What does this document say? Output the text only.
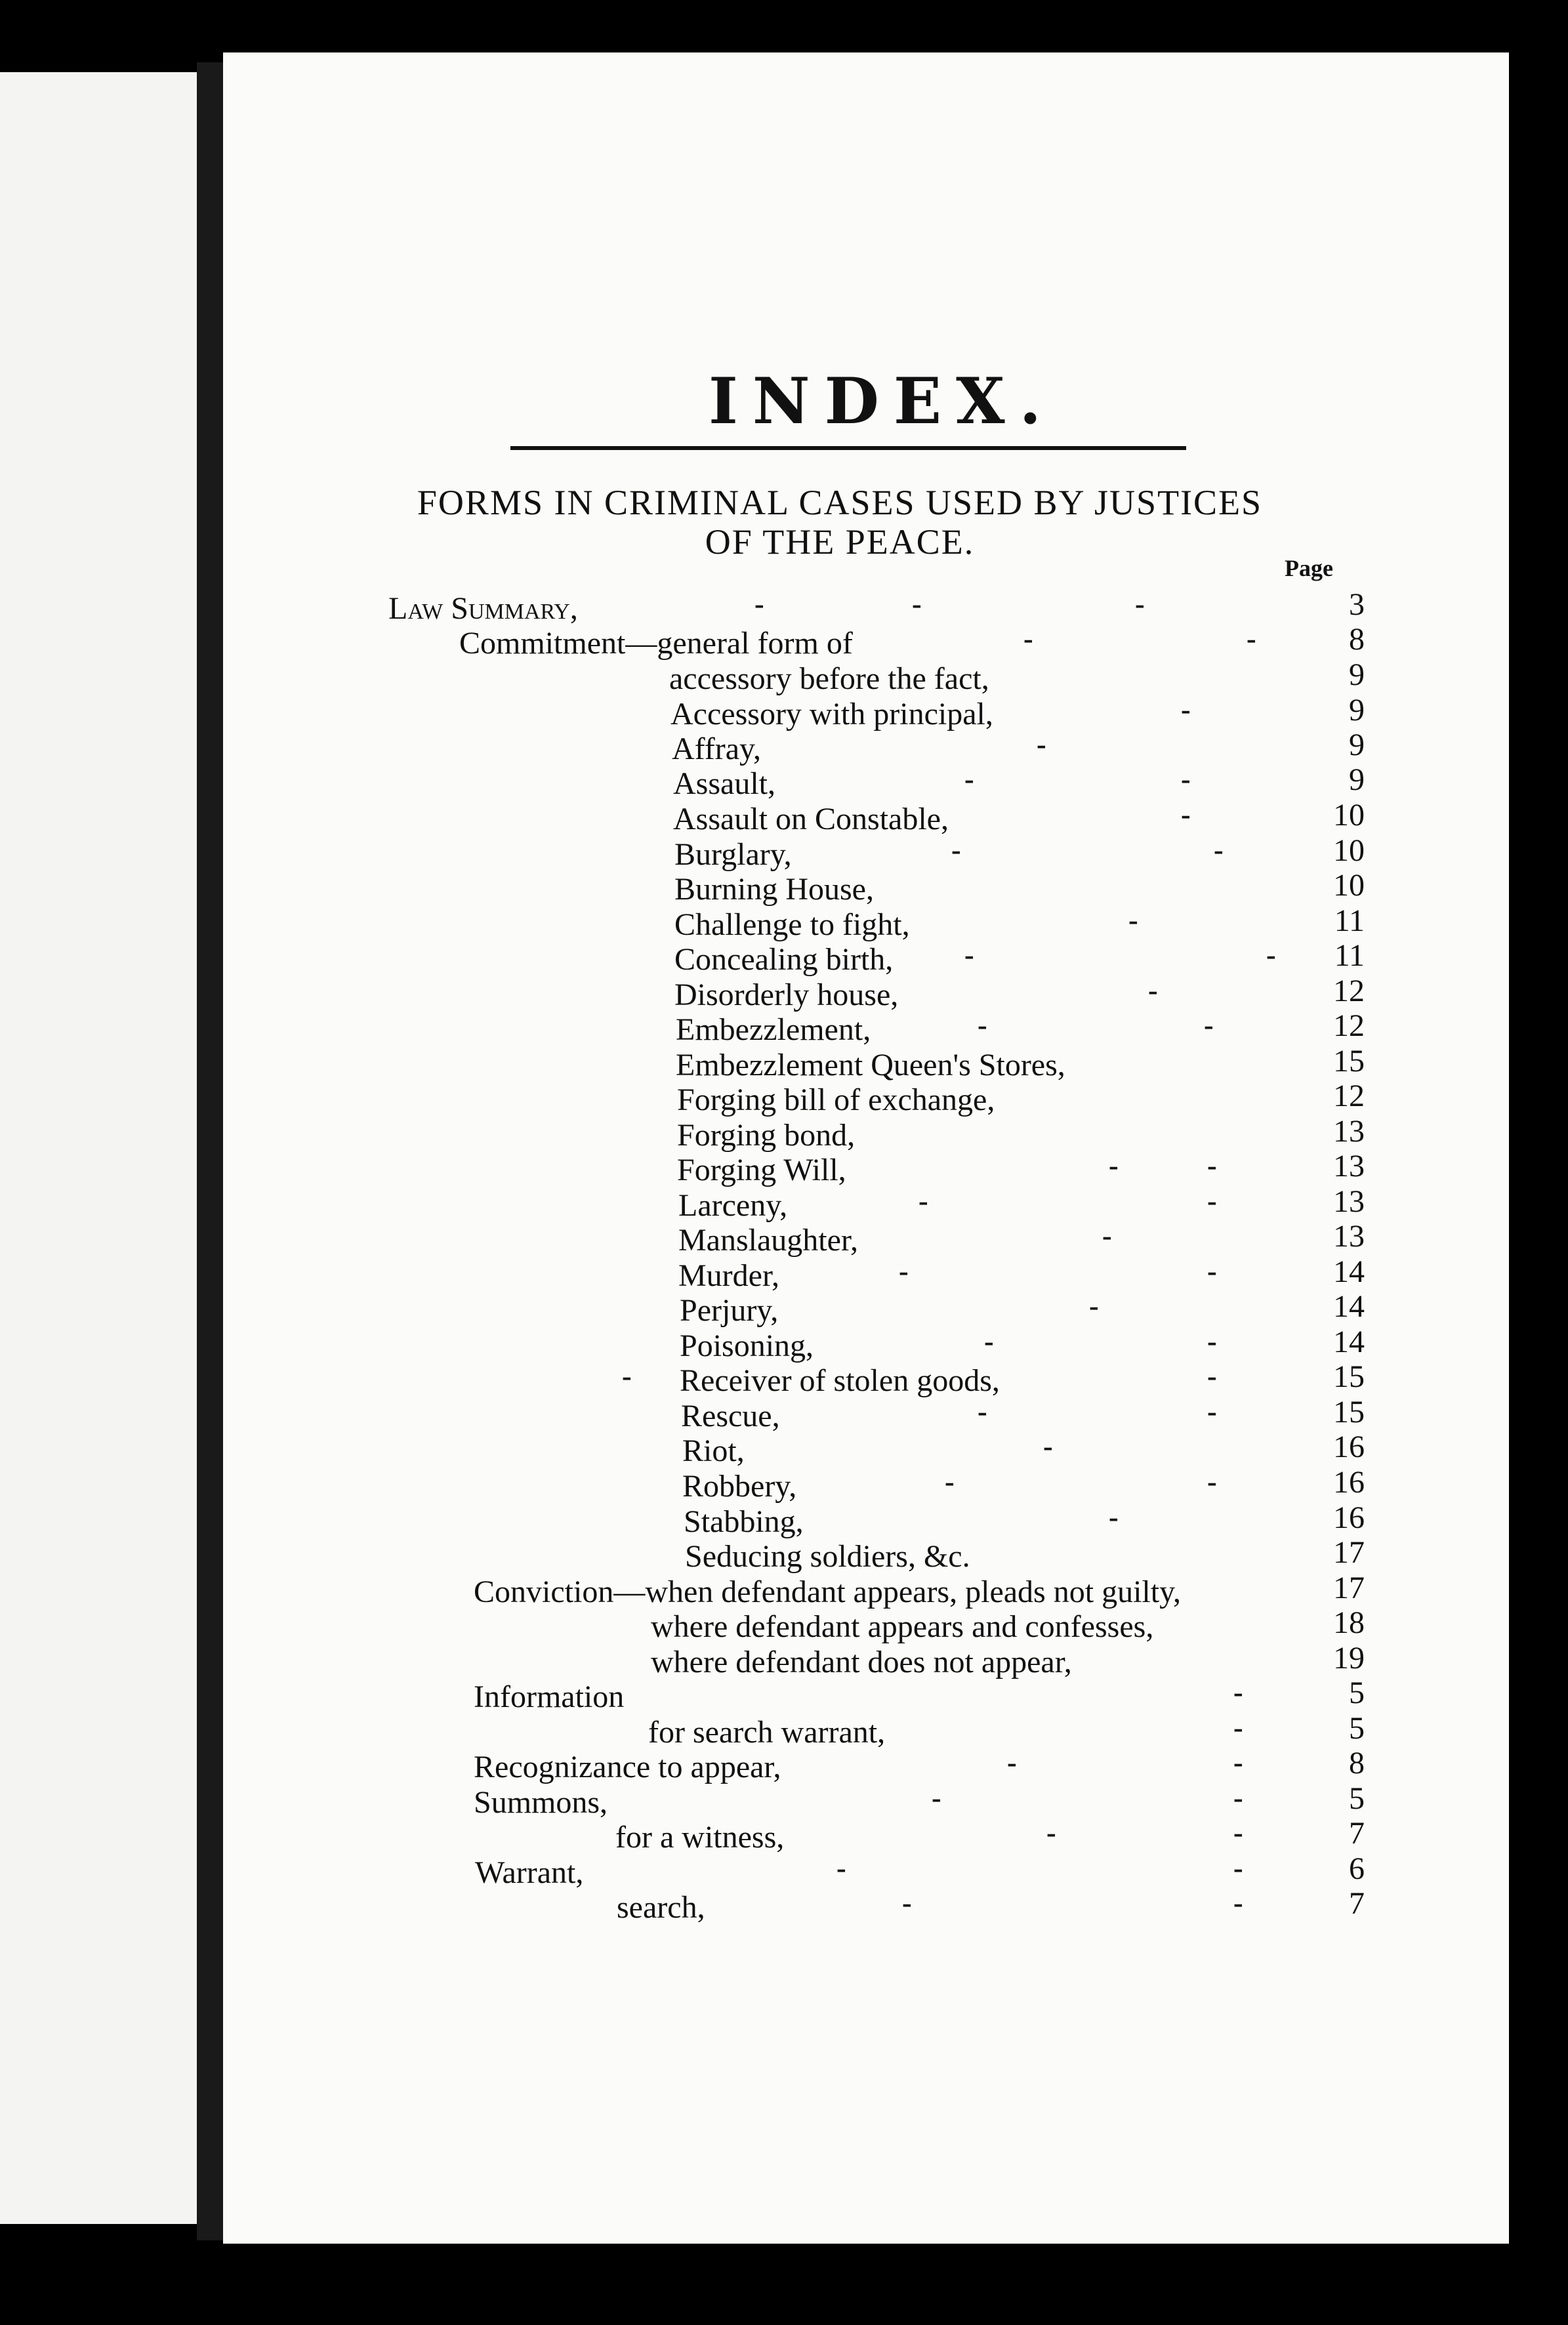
INDEX.
FORMS IN CRIMINAL CASES USED BY JUSTICES
OF THE PEACE.
Page
Law Summary,	3
Commitment—general form of	8
accessory before the fact,	9
Accessory with principal,	9
Affray,	9
Assault,	9
Assault on Constable,	10
Burglary,	10
Burning House,	10
Challenge to fight,	11
Concealing birth,	11
Disorderly house,	12
Embezzlement,	12
Embezzlement Queen's Stores,	15
Forging bill of exchange,	12
Forging bond,	13
Forging Will,	13
Larceny,	13
Manslaughter,	13
Murder,	14
Perjury,	14
Poisoning,	14
Receiver of stolen goods,	15
Rescue,	15
Riot,	16
Robbery,	16
Stabbing,	16
Seducing soldiers, &c.	17
Conviction—when defendant appears, pleads not guilty,	17
where defendant appears and confesses,	18
where defendant does not appear,	19
Information	5
for search warrant,	5
Recognizance to appear,	8
Summons,	5
for a witness,	7
Warrant,	6
search,	7
-	-	-
-	-
-
-
-	-
-
-	-
-
-	-
-
-	-
-	-
-	-
-
-	-
-
-	-
-	-
-	-
-
-	-
-
-
-
-	-
-	-
-	-
-	-
-	-
